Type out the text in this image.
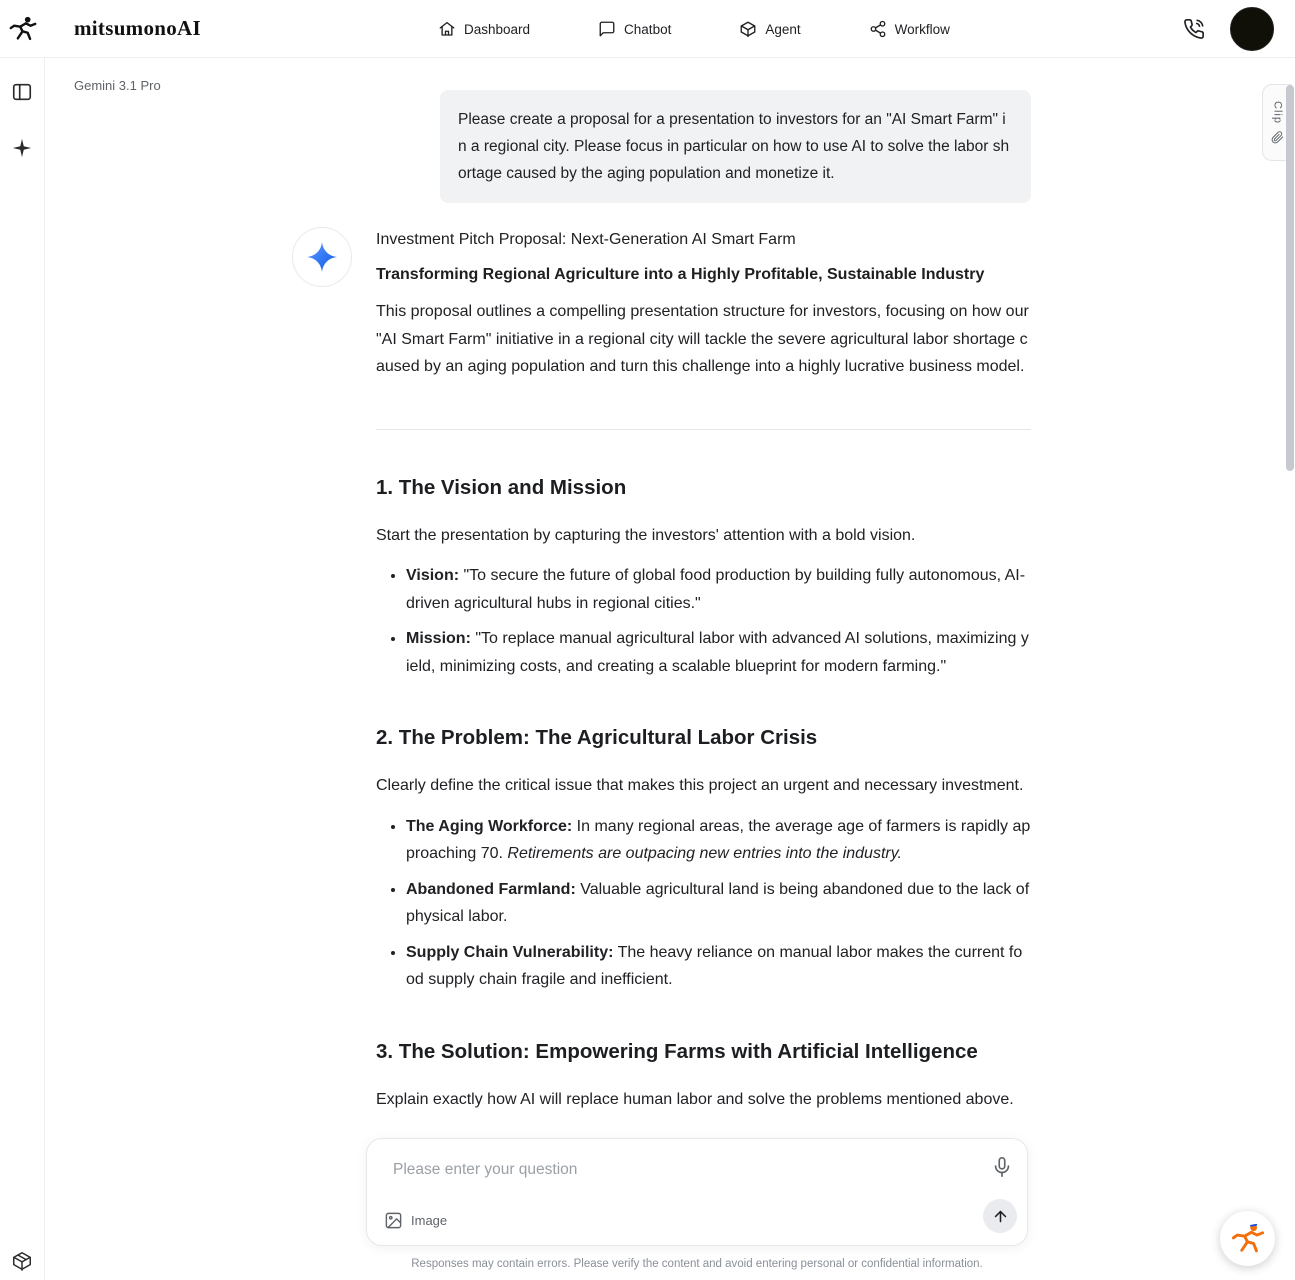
mitsumonoAI	Dashboard	Chatbot	Agent	Workflow
Gemini 3.1 Pro
Please create a proposal for a presentation to investors for an "AI Smart Farm" in a regional city. Please focus in particular on how to use AI to solve the labor shortage caused by the aging population and monetize it.
Investment Pitch Proposal: Next-Generation AI Smart Farm
Transforming Regional Agriculture into a Highly Profitable, Sustainable Industry

This proposal outlines a compelling presentation structure for investors, focusing on how our "AI Smart Farm" initiative in a regional city will tackle the severe agricultural labor shortage caused by an aging population and turn this challenge into a highly lucrative business model.

1. The Vision and Mission

Start the presentation by capturing the investors' attention with a bold vision.

• Vision: "To secure the future of global food production by building fully autonomous, AI-driven agricultural hubs in regional cities."
• Mission: "To replace manual agricultural labor with advanced AI solutions, maximizing yield, minimizing costs, and creating a scalable blueprint for modern farming."
2. The Problem: The Agricultural Labor Crisis

Clearly define the critical issue that makes this project an urgent and necessary investment.

• The Aging Workforce: In many regional areas, the average age of farmers is rapidly approaching 70. Retirements are outpacing new entries into the industry.
• Abandoned Farmland: Valuable agricultural land is being abandoned due to the lack of physical labor.
• Supply Chain Vulnerability: The heavy reliance on manual labor makes the current food supply chain fragile and inefficient.
3. The Solution: Empowering Farms with Artificial Intelligence

Explain exactly how AI will replace human labor and solve the problems mentioned above.

Please enter your question
Image
Responses may contain errors. Please verify the content and avoid entering personal or confidential information.
Clip
